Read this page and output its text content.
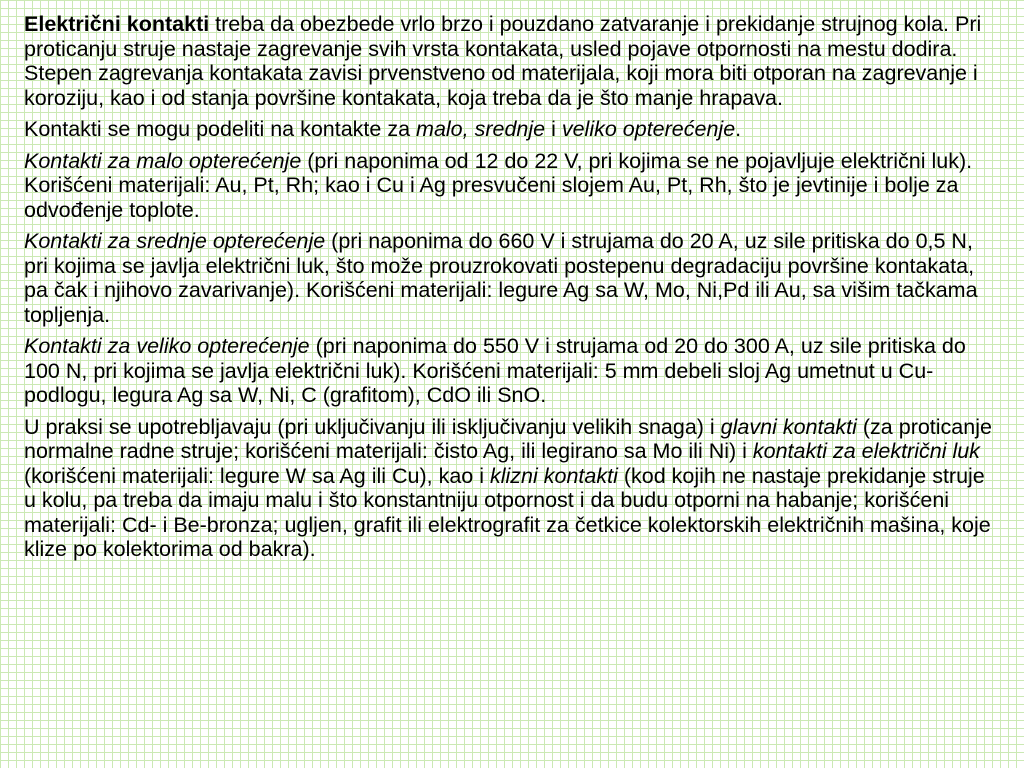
Električni kontakti treba da obezbede vrlo brzo i pouzdano zatvaranje i prekidanje strujnog kola. Pri proticanju struje nastaje zagrevanje svih vrsta kontakata, usled pojave otpornosti na mestu dodira. Stepen zagrevanja kontakata zavisi prvenstveno od materijala, koji mora biti otporan na zagrevanje i koroziju, kao i od stanja površine kontakata, koja treba da je što manje hrapava.

Kontakti se mogu podeliti na kontakte za malo, srednje i veliko opterećenje.

Kontakti za malo opterećenje (pri naponima od 12 do 22 V, pri kojima se ne pojavljuje električni luk). Korišćeni materijali: Au, Pt, Rh; kao i Cu i Ag presvučeni slojem Au, Pt, Rh, što je jevtinije i bolje za odvođenje toplote.

Kontakti za srednje opterećenje (pri naponima do 660 V i strujama do 20 A, uz sile pritiska do 0,5 N, pri kojima se javlja električni luk, što može prouzrokovati postepenu degradaciju površine kontakata, pa čak i njihovo zavarivanje). Korišćeni materijali: legure Ag sa W, Mo, Ni,Pd ili Au, sa višim tačkama topljenja.

Kontakti za veliko opterećenje (pri naponima do 550 V i strujama od 20 do 300 A, uz sile pritiska do 100 N, pri kojima se javlja električni luk). Korišćeni materijali: 5 mm debeli sloj Ag umetnut u Cu-podlogu, legura Ag sa W, Ni, C (grafitom), CdO ili SnO.

U praksi se upotrebljavaju (pri uključivanju ili isključivanju velikih snaga) i glavni kontakti (za proticanje normalne radne struje; korišćeni materijali: čisto Ag, ili legirano sa Mo ili Ni) i kontakti za električni luk (korišćeni materijali: legure W sa Ag ili Cu), kao i klizni kontakti (kod kojih ne nastaje prekidanje struje u kolu, pa treba da imaju malu i što konstantniju otpornost i da budu otporni na habanje; korišćeni materijali: Cd- i Be-bronza; ugljen, grafit ili elektrografit za četkice kolektorskih električnih mašina, koje klize po kolektorima od bakra).
